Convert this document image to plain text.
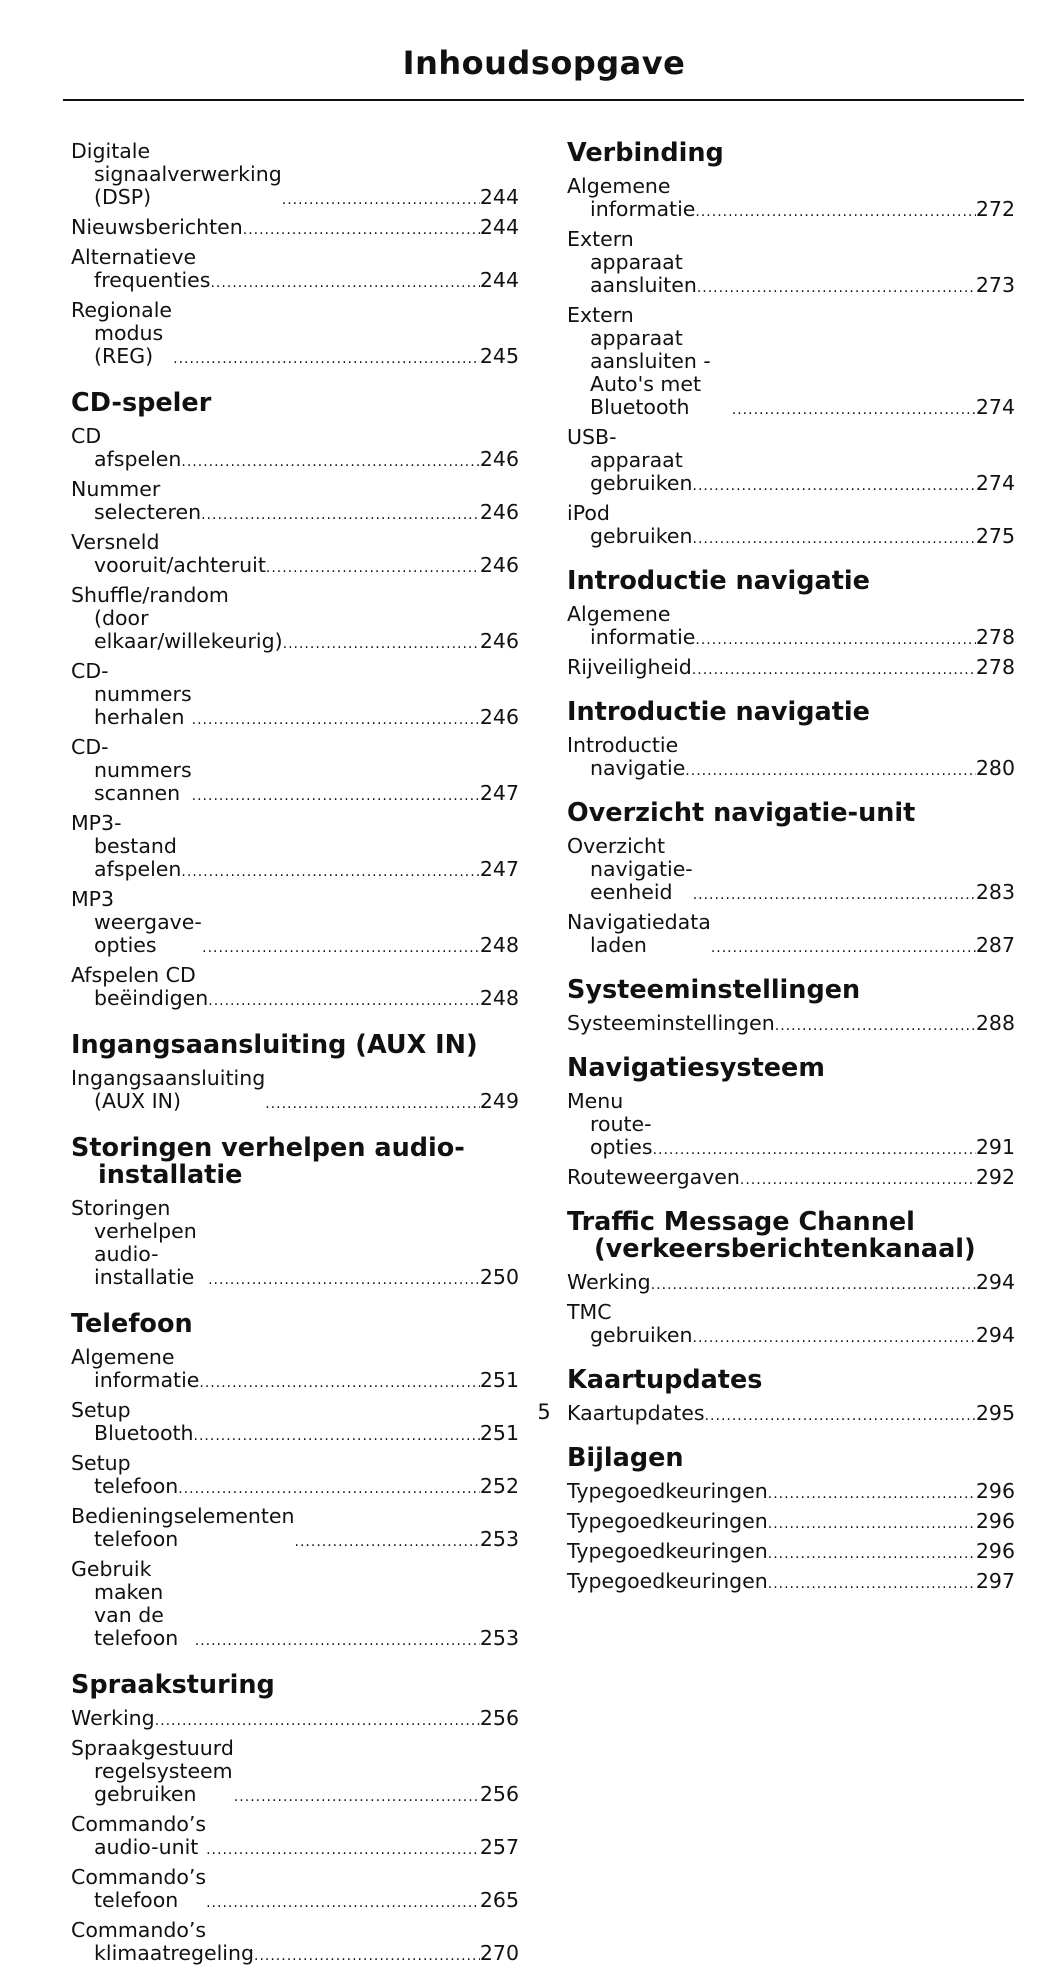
Inhoudsopgave
Digitale signaalverwerking (DSP) .....	244
Nieuwsberichten .....	244
Alternatieve frequenties .....	244
Regionale modus (REG) .....	245
CD-speler
CD afspelen .....	246
Nummer selecteren .....	246
Versneld vooruit/achteruit .....	246
Shuffle/random (door elkaar/willekeurig) .....	246
CD-nummers herhalen .....	246
CD-nummers scannen .....	247
MP3-bestand afspelen .....	247
MP3 weergave-opties .....	248
Afspelen CD beëindigen .....	248
Ingangsaansluiting (AUX IN)
Ingangsaansluiting (AUX IN) .....	249
Storingen verhelpen audio-installatie
Storingen verhelpen audio-installatie .....	250
Telefoon
Algemene informatie .....	251
Setup Bluetooth .....	251
Setup telefoon .....	252
Bedieningselementen telefoon .....	253
Gebruik maken van de telefoon .....	253
Spraaksturing
Werking .....	256
Spraakgestuurd regelsysteem gebruiken .....	256
Commando’s audio-unit .....	257
Commando’s telefoon .....	265
Commando’s klimaatregeling .....	270
Verbinding
Algemene informatie .....	272
Extern apparaat aansluiten .....	273
Extern apparaat aansluiten - Auto's met Bluetooth .....	274
USB-apparaat gebruiken .....	274
iPod gebruiken .....	275
Introductie navigatie
Algemene informatie .....	278
Rijveiligheid .....	278
Introductie navigatie
Introductie navigatie .....	280
Overzicht navigatie-unit
Overzicht navigatie-eenheid .....	283
Navigatiedata laden .....	287
Systeeminstellingen
Systeeminstellingen .....	288
Navigatiesysteem
Menu route-opties .....	291
Routeweergaven .....	292
Traffic Message Channel (verkeersberichtenkanaal)
Werking .....	294
TMC gebruiken .....	294
Kaartupdates
Kaartupdates .....	295
Bijlagen
Typegoedkeuringen .....	296
Typegoedkeuringen .....	296
Typegoedkeuringen .....	296
Typegoedkeuringen .....	297
5
